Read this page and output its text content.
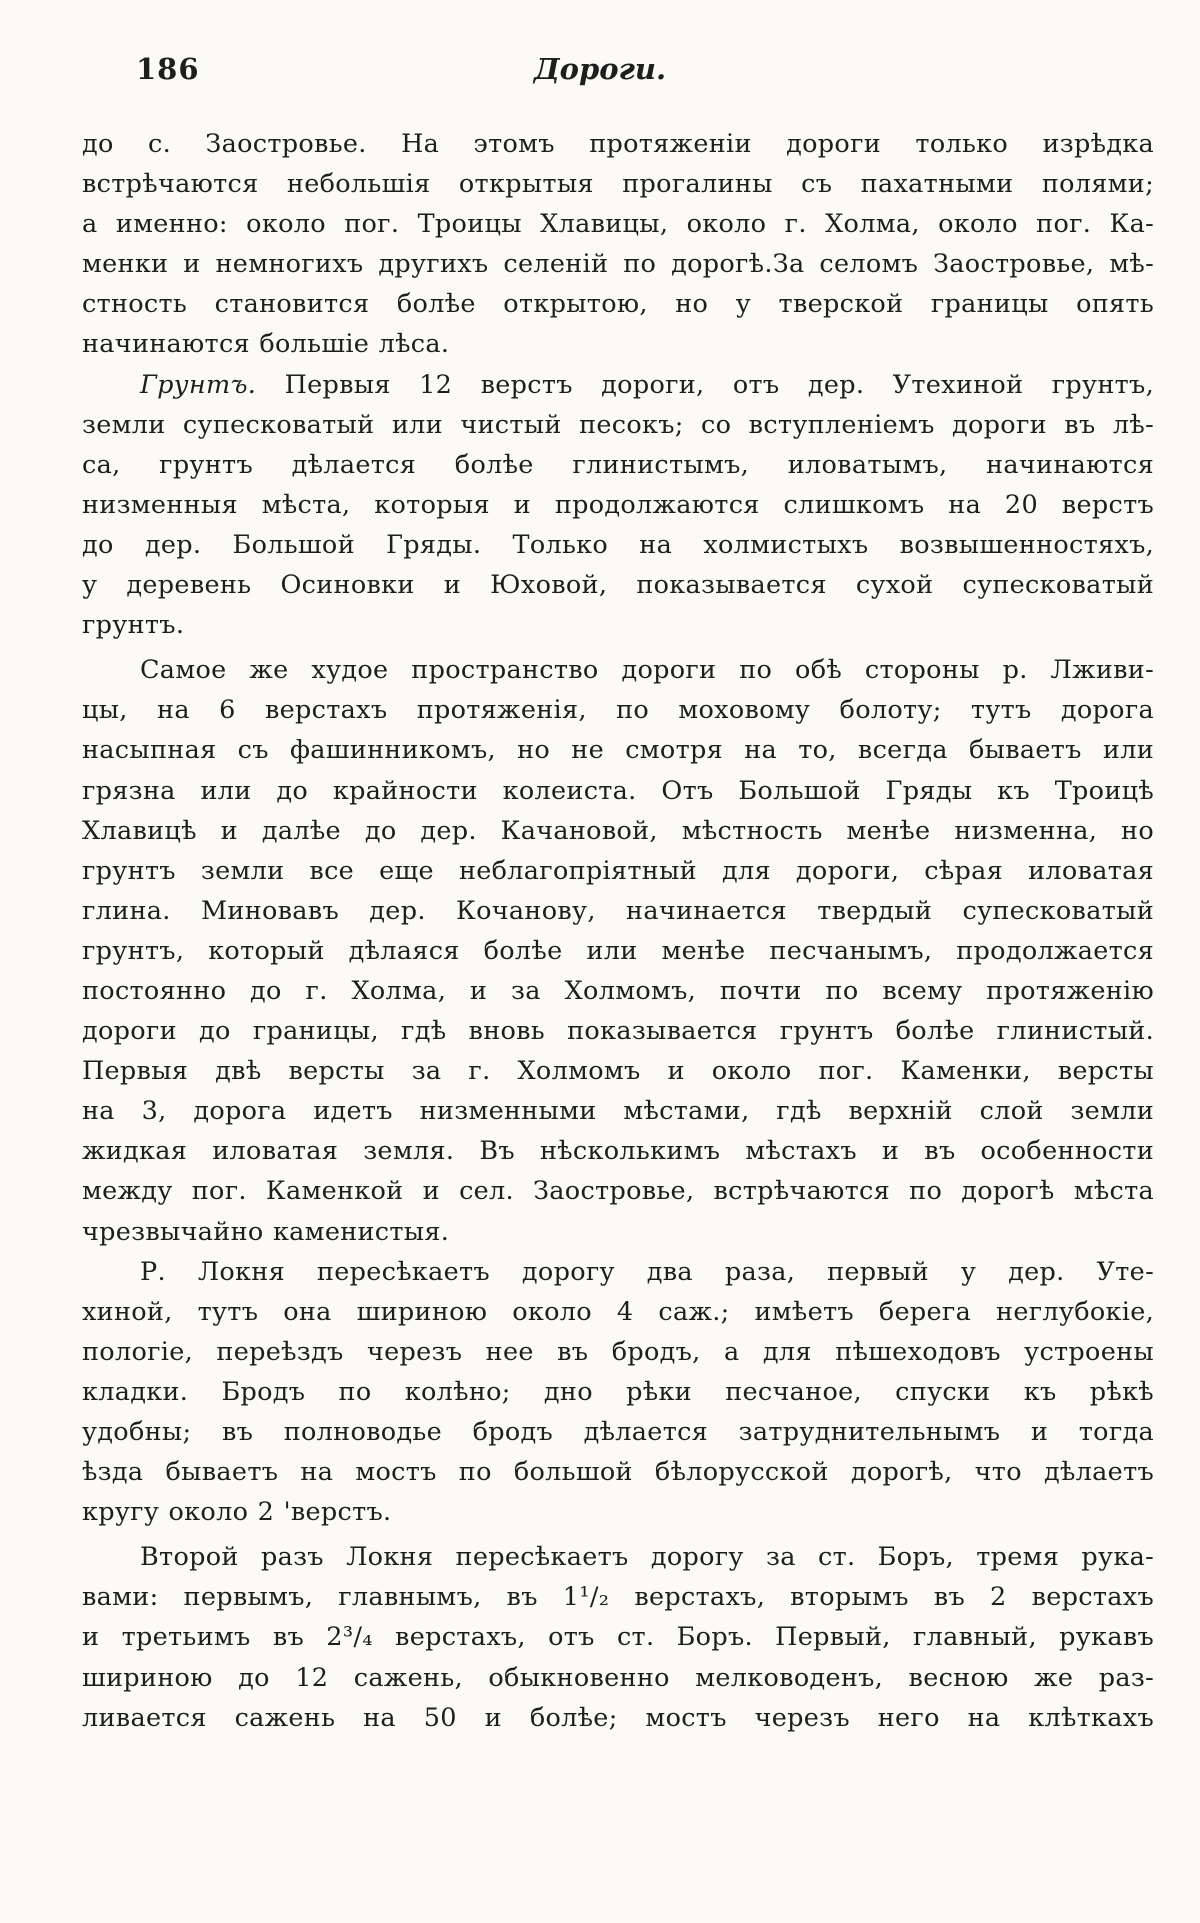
186	Дороги.
до с. Заостровье. На этомъ протяженіи дороги только изрѣдка
встрѣчаются небольшія открытыя прогалины съ пахатными полями;
а именно: около пог. Троицы Хлавицы, около г. Холма, около пог. Ка-
менки и немногихъ другихъ селеній по дорогѣ.За селомъ Заостровье, мѣ-
стность становится болѣе открытою, но у тверской границы опять
начинаются большіе лѣса.
Грунтъ. Первыя 12 верстъ дороги, отъ дер. Утехиной грунтъ,
земли супесковатый или чистый песокъ; со вступленіемъ дороги въ лѣ-
са, грунтъ дѣлается болѣе глинистымъ, иловатымъ, начинаются
низменныя мѣста, которыя и продолжаются слишкомъ на 20 верстъ
до дер. Большой Гряды. Только на холмистыхъ возвышенностяхъ,
у деревень Осиновки и Юховой, показывается сухой супесковатый
грунтъ.
Самое же худое пространство дороги по обѣ стороны р. Лживи-
цы, на 6 верстахъ протяженія, по моховому болоту; тутъ дорога
насыпная съ фашинникомъ, но не смотря на то, всегда бываетъ или
грязна или до крайности колеиста. Отъ Большой Гряды къ Троицѣ
Хлавицѣ и далѣе до дер. Качановой, мѣстность менѣе низменна, но
грунтъ земли все еще неблагопріятный для дороги, сѣрая иловатая
глина. Миновавъ дер. Кочанову, начинается твердый супесковатый
грунтъ, который дѣлаяся болѣе или менѣе песчанымъ, продолжается
постоянно до г. Холма, и за Холмомъ, почти по всему протяженію
дороги до границы, гдѣ вновь показывается грунтъ болѣе глинистый.
Первыя двѣ версты за г. Холмомъ и около пог. Каменки, версты
на 3, дорога идетъ низменными мѣстами, гдѣ верхній слой земли
жидкая иловатая земля. Въ нѣсколькимъ мѣстахъ и въ особенности
между пог. Каменкой и сел. Заостровье, встрѣчаются по дорогѣ мѣста
чрезвычайно каменистыя.
Р. Локня пересѣкаетъ дорогу два раза, первый у дер. Уте-
хиной, тутъ она шириною около 4 саж.; имѣетъ берега неглубокіе,
пологіе, переѣздъ черезъ нее въ бродъ, а для пѣшеходовъ устроены
кладки. Бродъ по колѣно; дно рѣки песчаное, спуски къ рѣкѣ
удобны; въ полноводье бродъ дѣлается затруднительнымъ и тогда
ѣзда бываетъ на мостъ по большой бѣлорусской дорогѣ, что дѣлаетъ
кругу около 2 'верстъ.
Второй разъ Локня пересѣкаетъ дорогу за ст. Боръ, тремя рука-
вами: первымъ, главнымъ, въ 1¹/₂ верстахъ, вторымъ въ 2 верстахъ
и третьимъ въ 2³/₄ верстахъ, отъ ст. Боръ. Первый, главный, рукавъ
шириною до 12 сажень, обыкновенно мелководенъ, весною же раз-
ливается сажень на 50 и болѣе; мостъ черезъ него на клѣткахъ
